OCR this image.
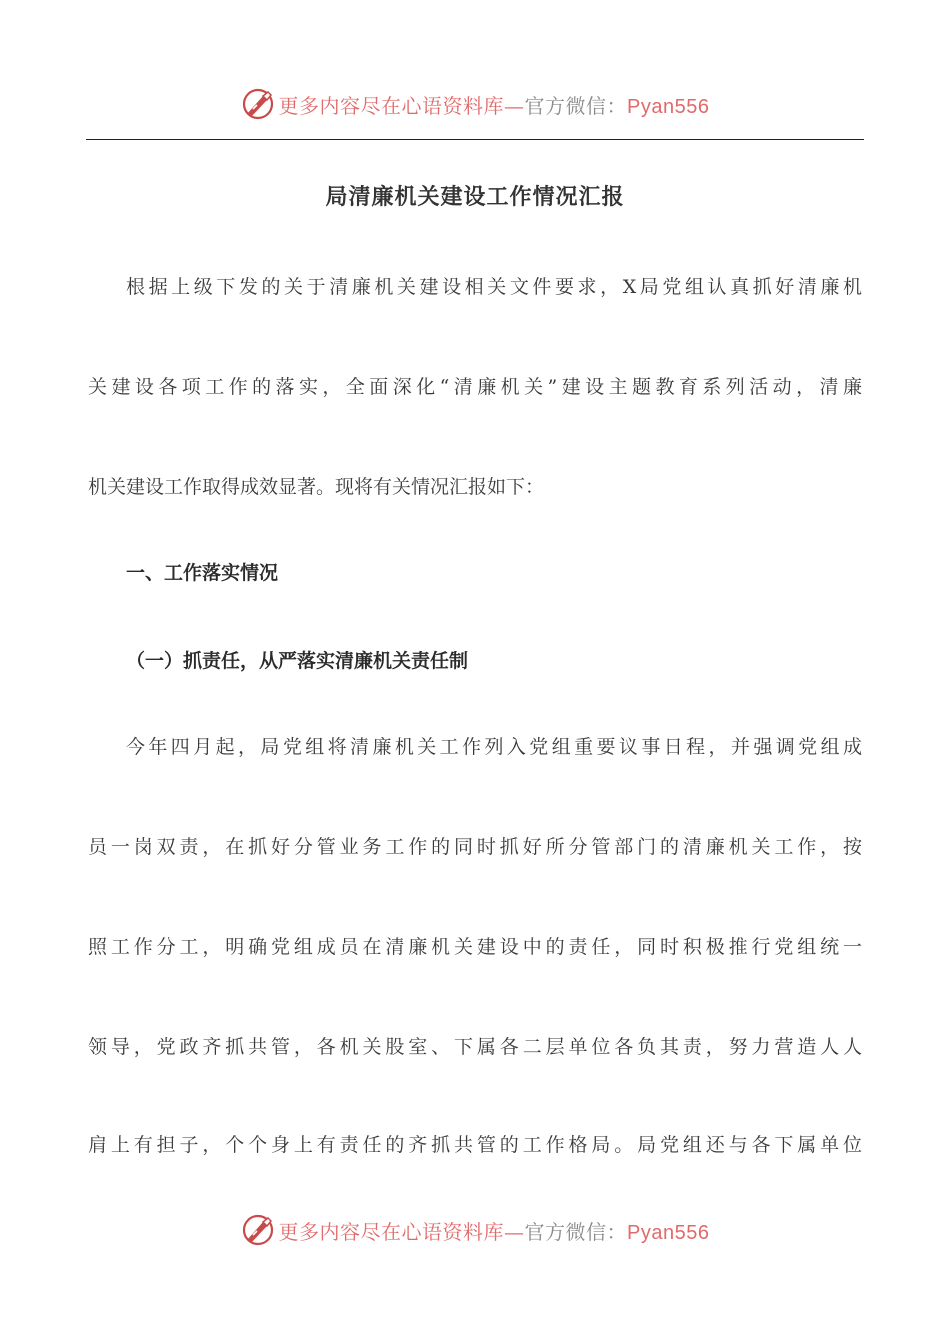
更多内容尽在心语资料库—官方微信：Pyan556
局清廉机关建设工作情况汇报
根据上级下发的关于清廉机关建设相关文件要求，X局党组认真抓好清廉机
关建设各项工作的落实，全面深化“清廉机关”建设主题教育系列活动，清廉
机关建设工作取得成效显著。现将有关情况汇报如下：
一、工作落实情况
（一）抓责任，从严落实清廉机关责任制
今年四月起，局党组将清廉机关工作列入党组重要议事日程，并强调党组成
员一岗双责，在抓好分管业务工作的同时抓好所分管部门的清廉机关工作，按
照工作分工，明确党组成员在清廉机关建设中的责任，同时积极推行党组统一
领导，党政齐抓共管，各机关股室、下属各二层单位各负其责，努力营造人人
肩上有担子，个个身上有责任的齐抓共管的工作格局。局党组还与各下属单位
更多内容尽在心语资料库—官方微信：Pyan556
